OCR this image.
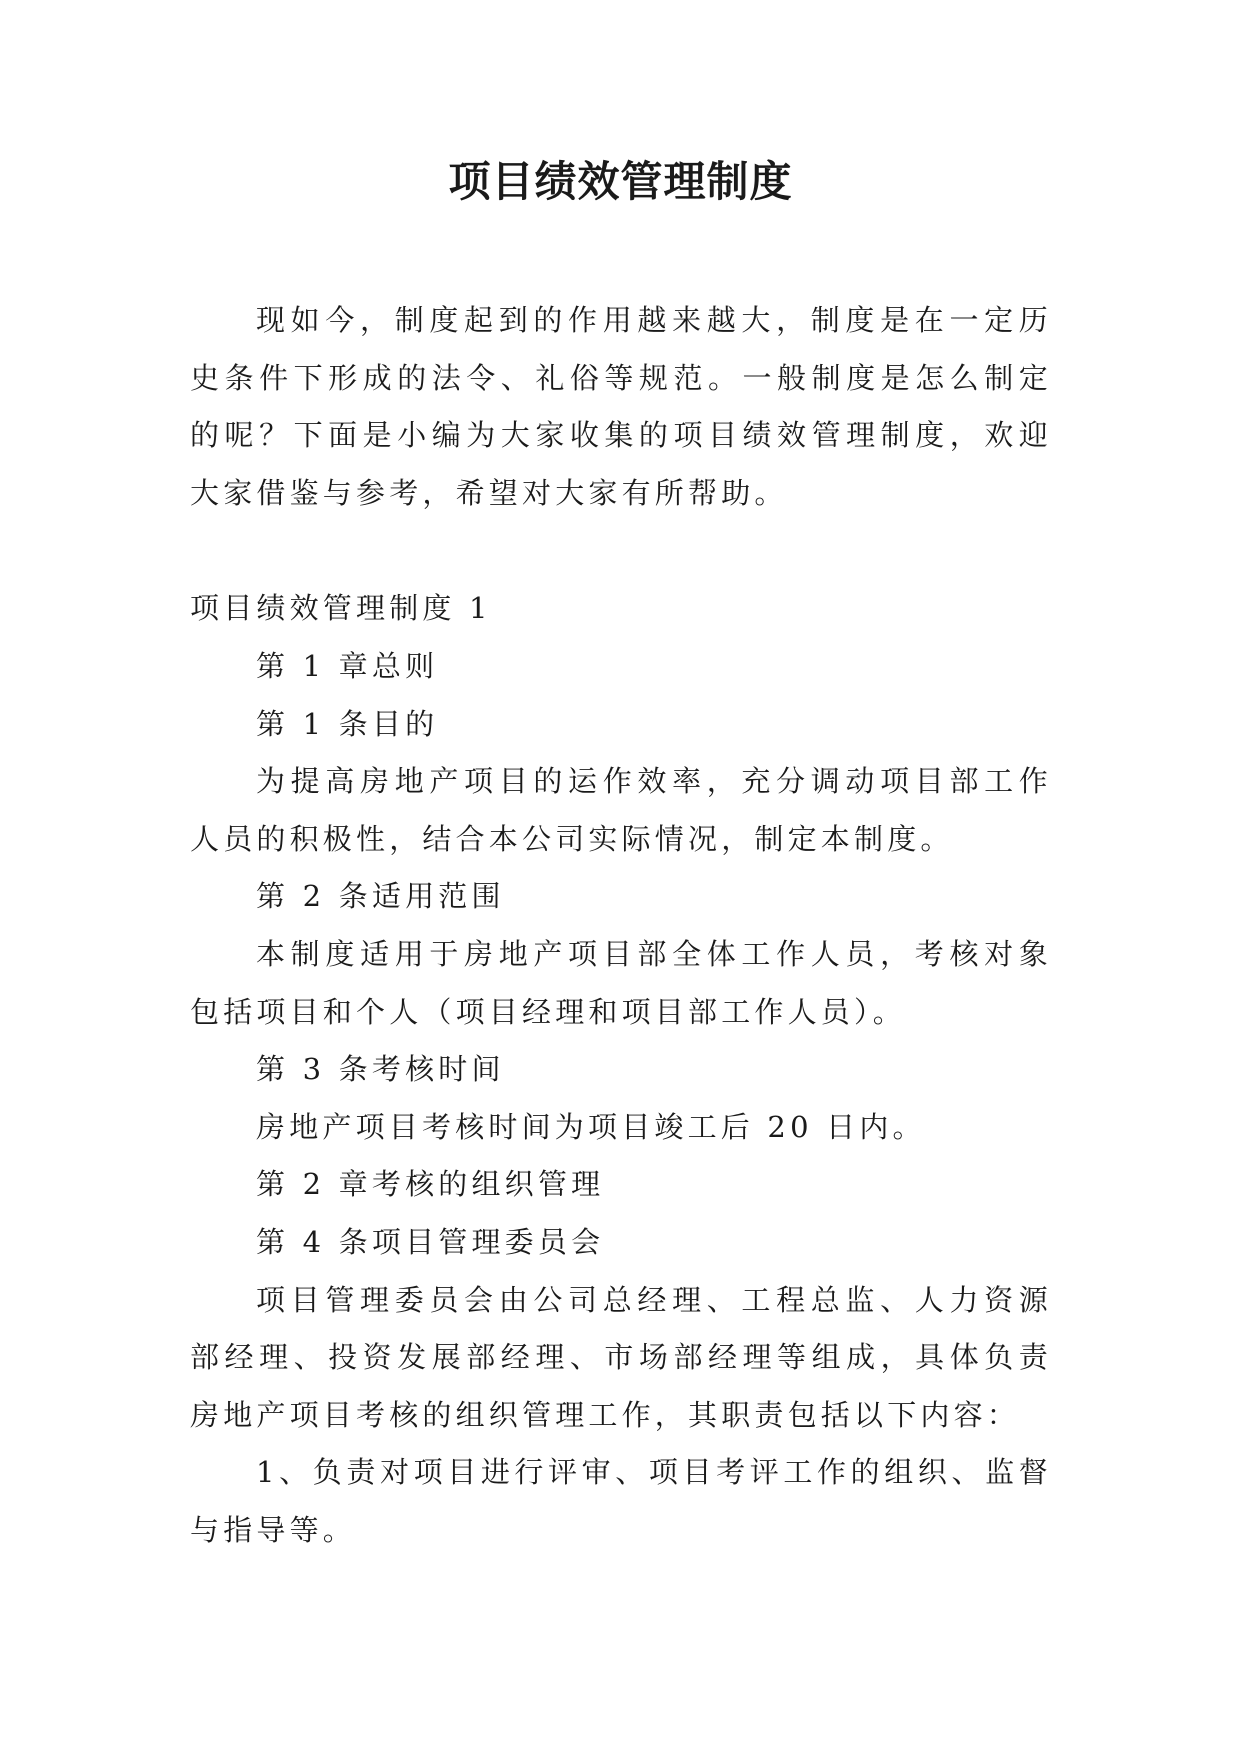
项目绩效管理制度

现如今，制度起到的作用越来越大，制度是在一定历史条件下形成的法令、礼俗等规范。一般制度是怎么制定的呢？下面是小编为大家收集的项目绩效管理制度，欢迎大家借鉴与参考，希望对大家有所帮助。

项目绩效管理制度 1

第 1 章总则

第 1 条目的

为提高房地产项目的运作效率，充分调动项目部工作人员的积极性，结合本公司实际情况，制定本制度。

第 2 条适用范围

本制度适用于房地产项目部全体工作人员，考核对象包括项目和个人（项目经理和项目部工作人员）。

第 3 条考核时间

房地产项目考核时间为项目竣工后 20 日内。

第 2 章考核的组织管理

第 4 条项目管理委员会

项目管理委员会由公司总经理、工程总监、人力资源部经理、投资发展部经理、市场部经理等组成，具体负责房地产项目考核的组织管理工作，其职责包括以下内容：

1、负责对项目进行评审、项目考评工作的组织、监督与指导等。
